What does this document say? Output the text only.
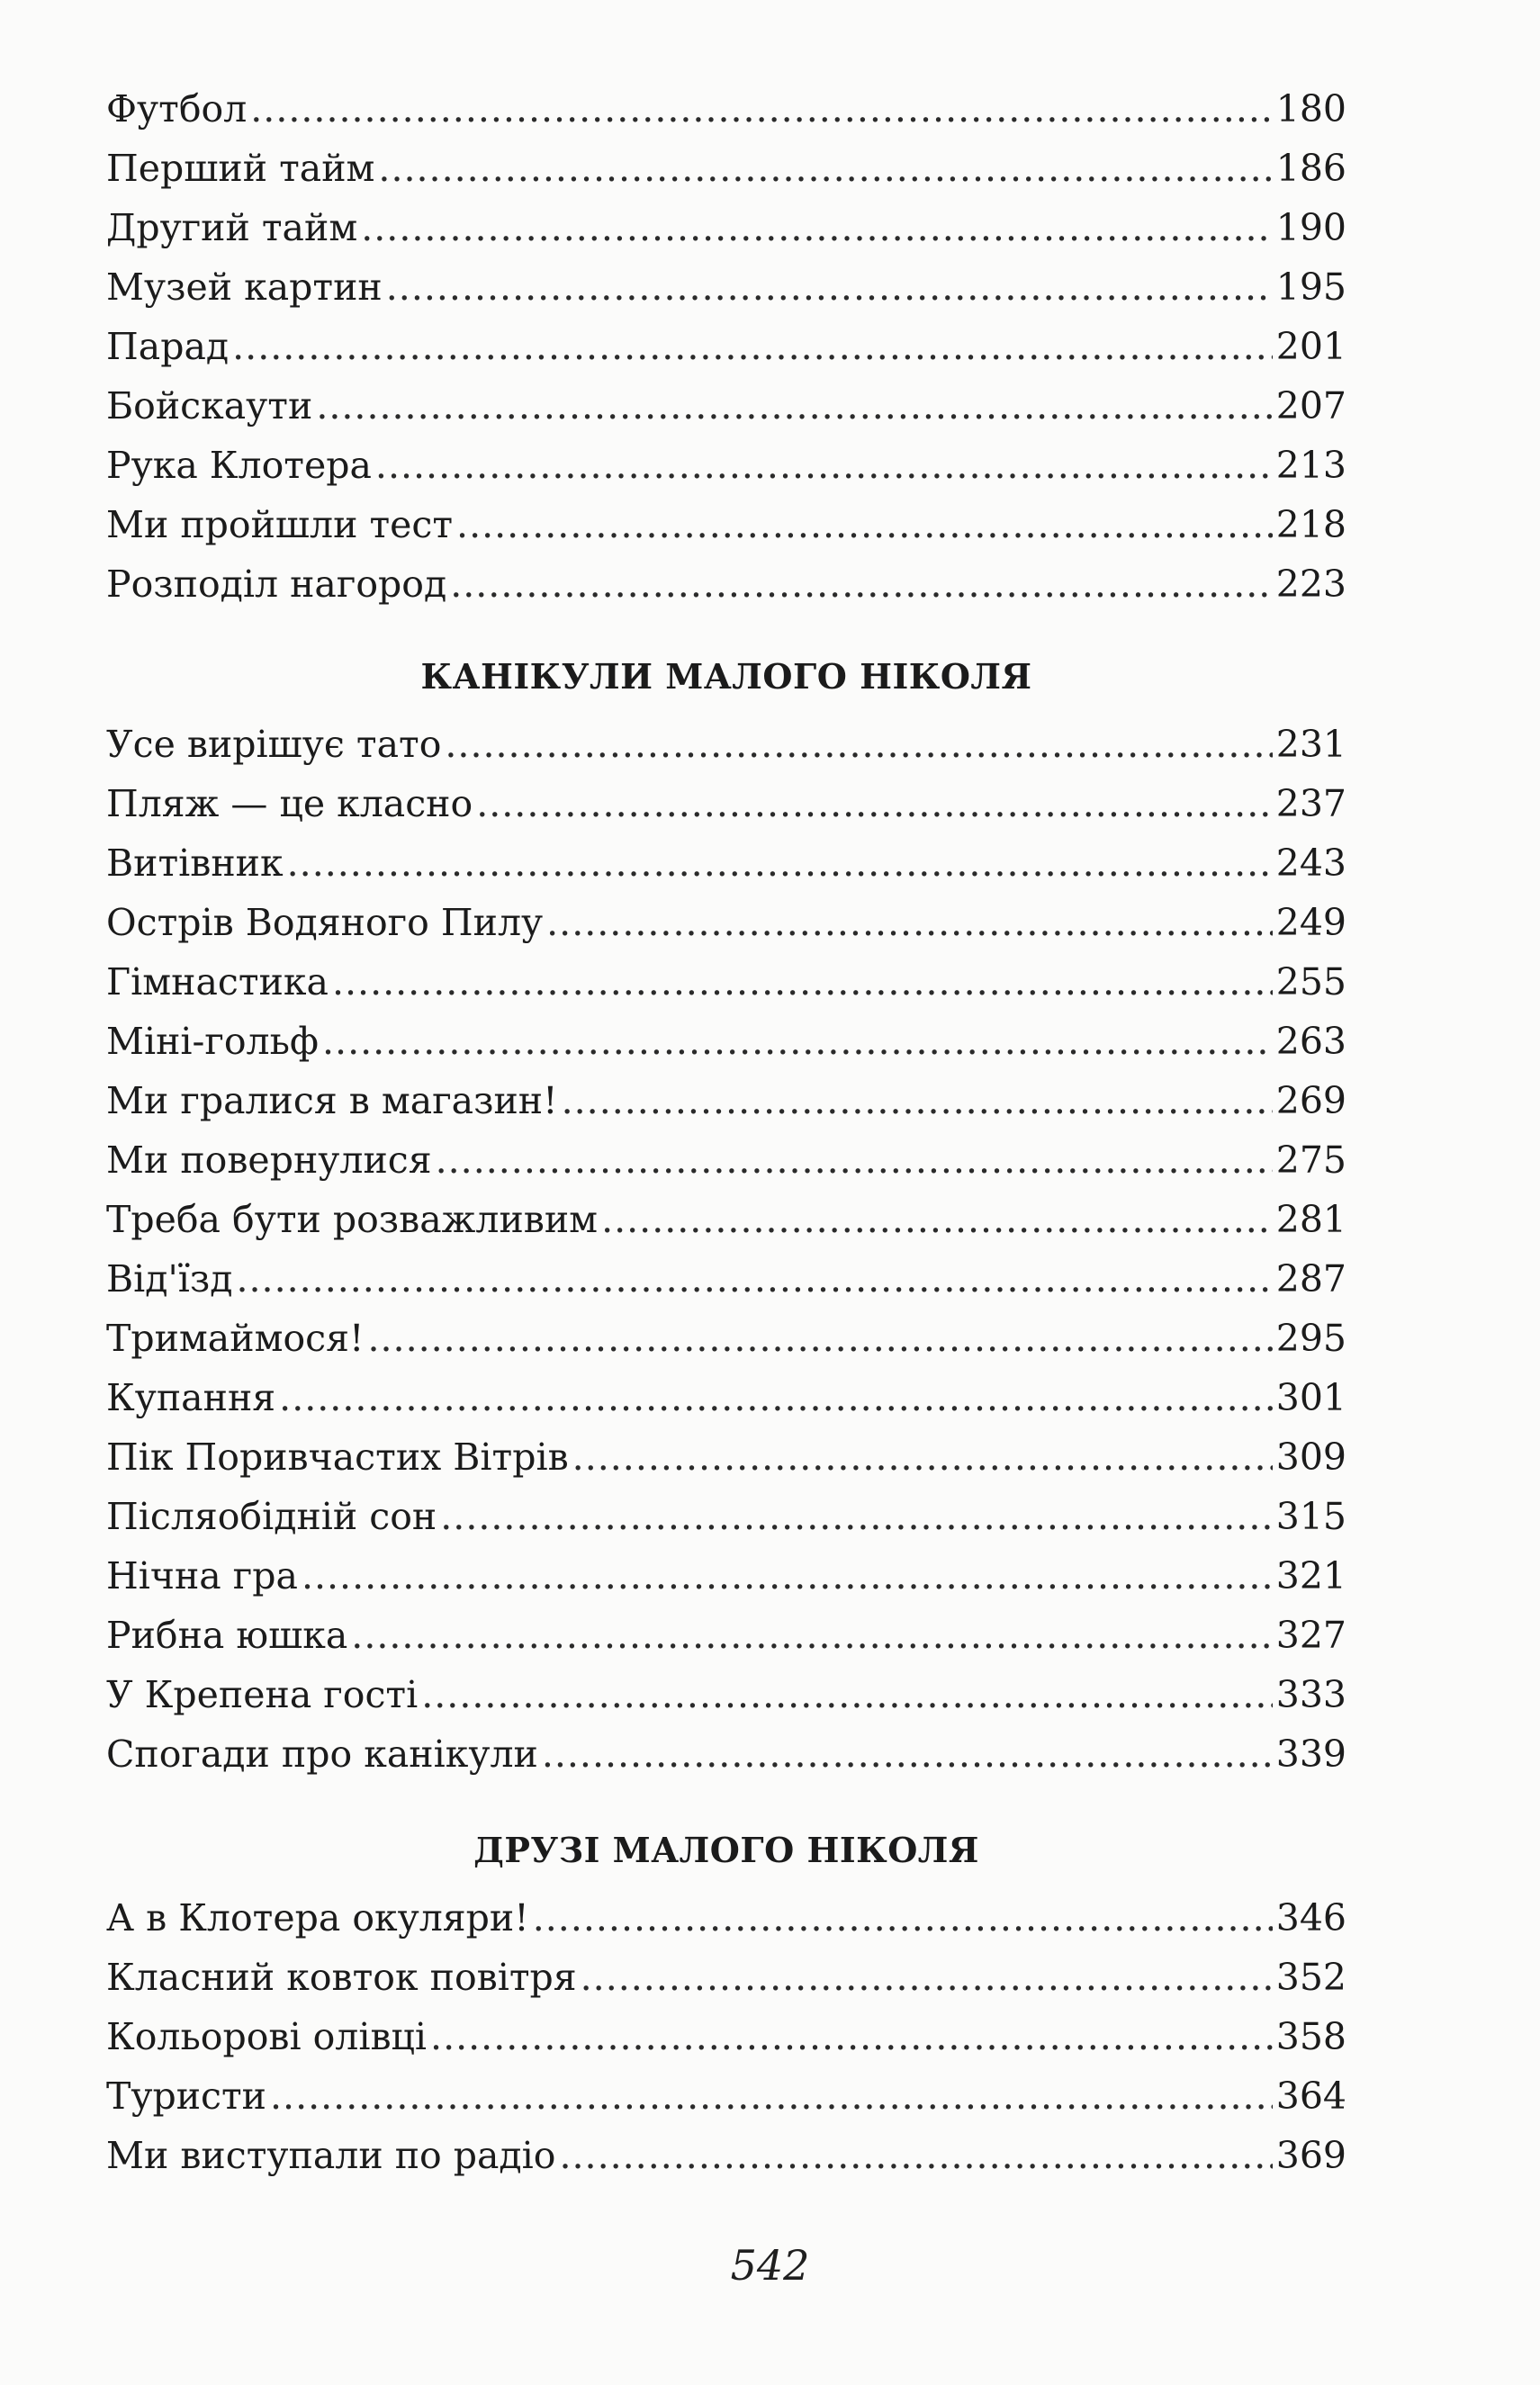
Футбол .....	180
Перший тайм .....	186
Другий тайм .....	190
Музей картин .....	195
Парад .....	201
Бойскаути .....	207
Рука Клотера .....	213
Ми пройшли тест .....	218
Розподіл нагород .....	223
КАНІКУЛИ МАЛОГО НІКОЛЯ
Усе вирішує тато .....	231
Пляж — це класно .....	237
Витівник .....	243
Острів Водяного Пилу .....	249
Гімнастика .....	255
Міні-гольф .....	263
Ми гралися в магазин! .....	269
Ми повернулися .....	275
Треба бути розважливим .....	281
Від'їзд .....	287
Тримаймося! .....	295
Купання .....	301
Пік Поривчастих Вітрів .....	309
Післяобідній сон .....	315
Нічна гра .....	321
Рибна юшка .....	327
У Крепена гості .....	333
Спогади про канікули .....	339
ДРУЗІ МАЛОГО НІКОЛЯ
А в Клотера окуляри! .....	346
Класний ковток повітря .....	352
Кольорові олівці .....	358
Туристи .....	364
Ми виступали по радіо .....	369
542
